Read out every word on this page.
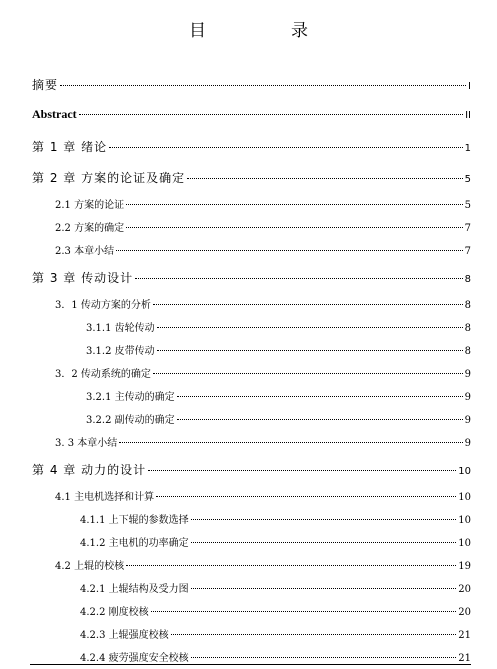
目　录
摘要	I
Abstract	II
第 1 章 绪论	1
第 2 章 方案的论证及确定	5
2.1 方案的论证	5
2.2 方案的确定	7
2.3 本章小结	7
第 3 章 传动设计	8
3．1 传动方案的分析	8
3.1.1 齿轮传动	8
3.1.2 皮带传动	8
3．2 传动系统的确定	9
3.2.1 主传动的确定	9
3.2.2 副传动的确定	9
3. 3 本章小结	9
第 4 章 动力的设计	10
4.1 主电机选择和计算	10
4.1.1 上下辊的参数选择	10
4.1.2 主电机的功率确定	10
4.2 上辊的校核	19
4.2.1 上辊结构及受力图	20
4.2.2 刚度校核	20
4.2.3 上辊强度校核	21
4.2.4 疲劳强度安全校核	21
